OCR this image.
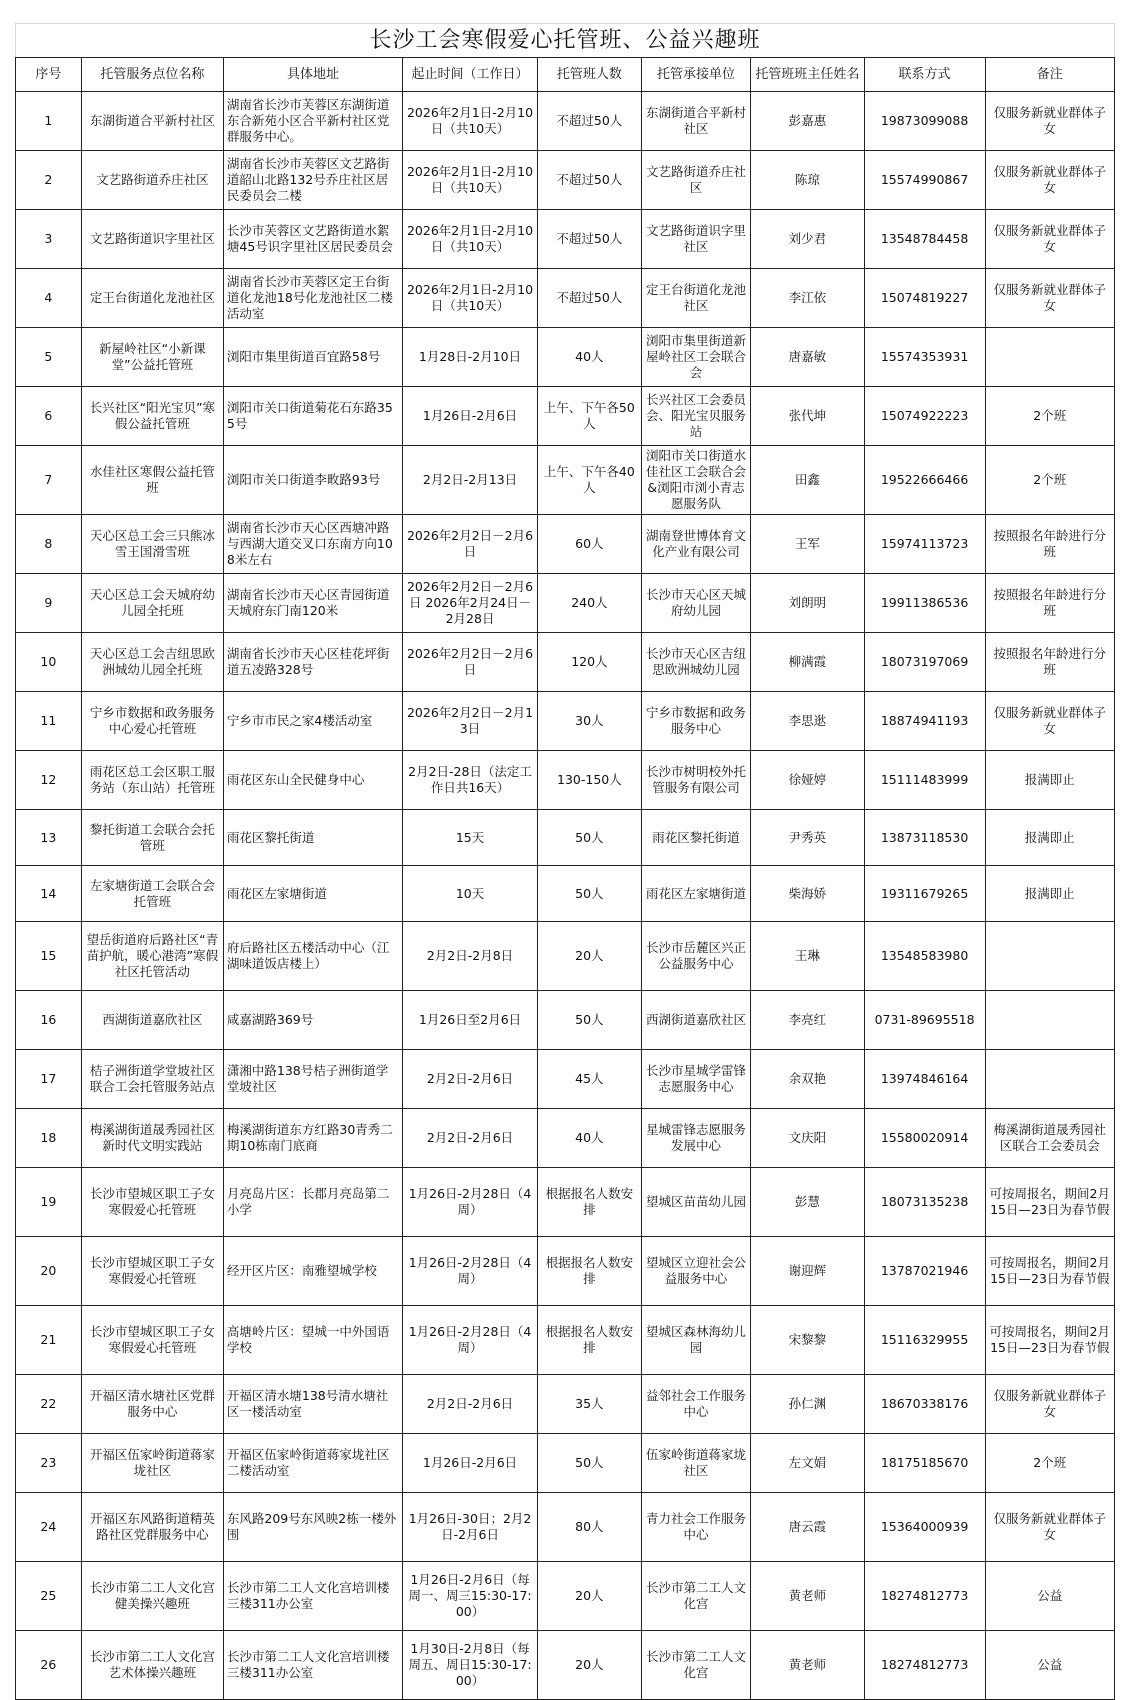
长沙工会寒假爱心托管班、公益兴趣班
序号	托管服务点位名称	具体地址	起止时间（工作日）	托管班人数	托管承接单位	托管班班主任姓名	联系方式	备注
1	东湖街道合平新村社区	湖南省长沙市芙蓉区东湖街道东合新苑小区合平新村社区党群服务中心。	2026年2月1日-2月10日（共10天）	不超过50人	东湖街道合平新村社区	彭嘉惠	19873099088	仅服务新就业群体子女
2	文艺路街道乔庄社区	湖南省长沙市芙蓉区文艺路街道韶山北路132号乔庄社区居民委员会二楼	2026年2月1日-2月10日（共10天）	不超过50人	文艺路街道乔庄社区	陈琼	15574990867	仅服务新就业群体子女
3	文艺路街道识字里社区	长沙市芙蓉区文艺路街道水絮塘45号识字里社区居民委员会	2026年2月1日-2月10日（共10天）	不超过50人	文艺路街道识字里社区	刘少君	13548784458	仅服务新就业群体子女
4	定王台街道化龙池社区	湖南省长沙市芙蓉区定王台街道化龙池18号化龙池社区二楼活动室	2026年2月1日-2月10日（共10天）	不超过50人	定王台街道化龙池社区	李江依	15074819227	仅服务新就业群体子女
5	新屋岭社区“小新课堂”公益托管班	浏阳市集里街道百宜路58号	1月28日-2月10日	40人	浏阳市集里街道新屋岭社区工会联合会	唐嘉敏	15574353931	
6	长兴社区“阳光宝贝”寒假公益托管班	浏阳市关口街道菊花石东路355号	1月26日-2月6日	上午、下午各50人	长兴社区工会委员会、阳光宝贝服务站	张代坤	15074922223	2个班
7	水佳社区寒假公益托管班	浏阳市关口街道李畋路93号	2月2日-2月13日	上午、下午各40人	浏阳市关口街道水佳社区工会联合会&浏阳市浏小青志愿服务队	田鑫	19522666466	2个班
8	天心区总工会三只熊冰雪王国滑雪班	湖南省长沙市天心区西塘冲路与西湖大道交叉口东南方向108米左右	2026年2月2日－2月6日	60人	湖南登世博体育文化产业有限公司	王军	15974113723	按照报名年龄进行分班
9	天心区总工会天城府幼儿园全托班	湖南省长沙市天心区青园街道天城府东门南120米	2026年2月2日－2月6日 2026年2月24日－2月28日	240人	长沙市天心区天城府幼儿园	刘朗明	19911386536	按照报名年龄进行分班
10	天心区总工会吉纽思欧洲城幼儿园全托班	湖南省长沙市天心区桂花坪街道五凌路328号	2026年2月2日－2月6日	120人	长沙市天心区吉纽思欧洲城幼儿园	柳满霞	18073197069	按照报名年龄进行分班
11	宁乡市数据和政务服务中心爱心托管班	宁乡市市民之家4楼活动室	2026年2月2日－2月13日	30人	宁乡市数据和政务服务中心	李思逖	18874941193	仅服务新就业群体子女
12	雨花区总工会区职工服务站（东山站）托管班	雨花区东山全民健身中心	2月2日-28日（法定工作日共16天）	130-150人	长沙市树明校外托管服务有限公司	徐娅婷	15111483999	报满即止
13	黎托街道工会联合会托管班	雨花区黎托街道	15天	50人	雨花区黎托街道	尹秀英	13873118530	报满即止
14	左家塘街道工会联合会托管班	雨花区左家塘街道	10天	50人	雨花区左家塘街道	柴海娇	19311679265	报满即止
15	望岳街道府后路社区“青苗护航，暖心港湾”寒假社区托管活动	府后路社区五楼活动中心（江湖味道饭店楼上）	2月2日-2月8日	20人	长沙市岳麓区兴正公益服务中心	王琳	13548583980	
16	西湖街道嘉欣社区	咸嘉湖路369号	1月26日至2月6日	50人	西湖街道嘉欣社区	李亮红	0731-89695518	
17	桔子洲街道学堂坡社区联合工会托管服务站点	潇湘中路138号桔子洲街道学堂坡社区	2月2日-2月6日	45人	长沙市星城学雷锋志愿服务中心	余双艳	13974846164	
18	梅溪湖街道晟秀园社区新时代文明实践站	梅溪湖街道东方红路30青秀二期10栋南门底商	2月2日-2月6日	40人	星城雷锋志愿服务发展中心	文庆阳	15580020914	梅溪湖街道晟秀园社区联合工会委员会
19	长沙市望城区职工子女寒假爱心托管班	月亮岛片区：长郡月亮岛第二小学	1月26日-2月28日（4周）	根据报名人数安排	望城区苗苗幼儿园	彭慧	18073135238	可按周报名，期间2月15日—23日为春节假
20	长沙市望城区职工子女寒假爱心托管班	经开区片区：南雅望城学校	1月26日-2月28日（4周）	根据报名人数安排	望城区立迎社会公益服务中心	谢迎辉	13787021946	可按周报名，期间2月15日—23日为春节假
21	长沙市望城区职工子女寒假爱心托管班	高塘岭片区：望城一中外国语学校	1月26日-2月28日（4周）	根据报名人数安排	望城区森林海幼儿园	宋黎黎	15116329955	可按周报名，期间2月15日—23日为春节假
22	开福区清水塘社区党群服务中心	开福区清水塘138号清水塘社区一楼活动室	2月2日-2月6日	35人	益邻社会工作服务中心	孙仁渊	18670338176	仅服务新就业群体子女
23	开福区伍家岭街道蒋家垅社区	开福区伍家岭街道蒋家垅社区二楼活动室	1月26日-2月6日	50人	伍家岭街道蒋家垅社区	左文娟	18175185670	2个班
24	开福区东风路街道精英路社区党群服务中心	东风路209号东风映2栋一楼外围	1月26日-30日；2月2日-2月6日	80人	青力社会工作服务中心	唐云霞	15364000939	仅服务新就业群体子女
25	长沙市第二工人文化宫健美操兴趣班	长沙市第二工人文化宫培训楼三楼311办公室	1月26日-2月6日（每周一、周三15:30-17:00）	20人	长沙市第二工人文化宫	黄老师	18274812773	公益
26	长沙市第二工人文化宫艺术体操兴趣班	长沙市第二工人文化宫培训楼三楼311办公室	1月30日-2月8日（每周五、周日15:30-17:00）	20人	长沙市第二工人文化宫	黄老师	18274812773	公益
